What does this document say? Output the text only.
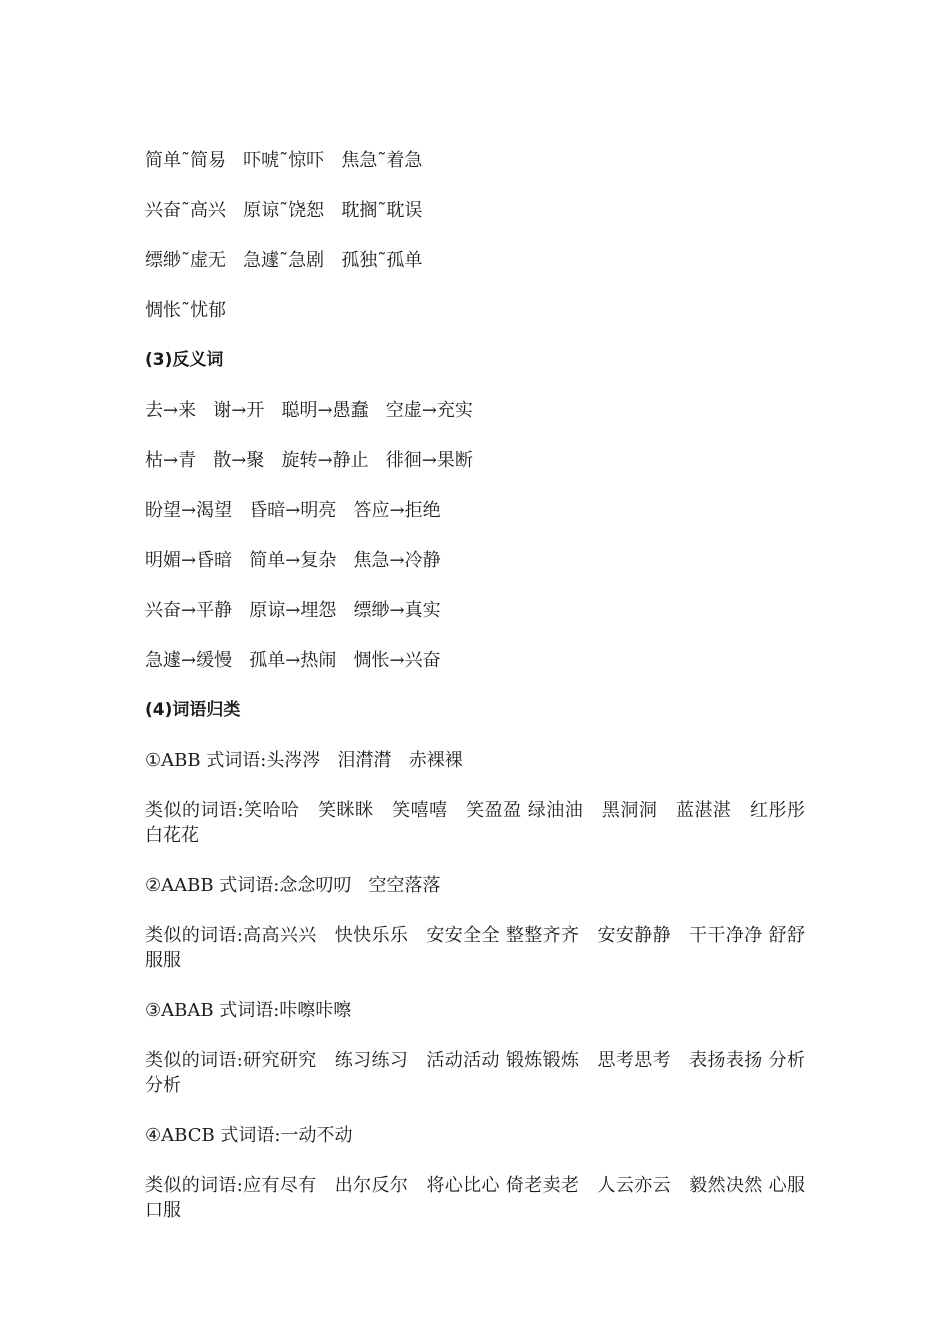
简单˜简易   吓唬˜惊吓   焦急˜着急

兴奋˜高兴   原谅˜饶恕   耽搁˜耽误

缥缈˜虚无   急遽˜急剧   孤独˜孤单

惆怅˜忧郁

(3)反义词

去→来   谢→开   聪明→愚蠢   空虚→充实

枯→青   散→聚   旋转→静止   徘徊→果断

盼望→渴望   昏暗→明亮   答应→拒绝

明媚→昏暗   简单→复杂   焦急→冷静

兴奋→平静   原谅→埋怨   缥缈→真实

急遽→缓慢   孤单→热闹   惆怅→兴奋

(4)词语归类

①ABB 式词语:头涔涔   泪潸潸   赤裸裸

类似的词语:笑哈哈   笑眯眯   笑嘻嘻   笑盈盈 绿油油   黑洞洞   蓝湛湛   红彤彤   白花花

②AABB 式词语:念念叨叨   空空落落

类似的词语:高高兴兴   快快乐乐   安安全全 整整齐齐   安安静静   干干净净 舒舒服服

③ABAB 式词语:咔嚓咔嚓

类似的词语:研究研究   练习练习   活动活动 锻炼锻炼   思考思考   表扬表扬 分析分析

④ABCB 式词语:一动不动

类似的词语:应有尽有   出尔反尔   将心比心 倚老卖老   人云亦云   毅然决然 心服口服
